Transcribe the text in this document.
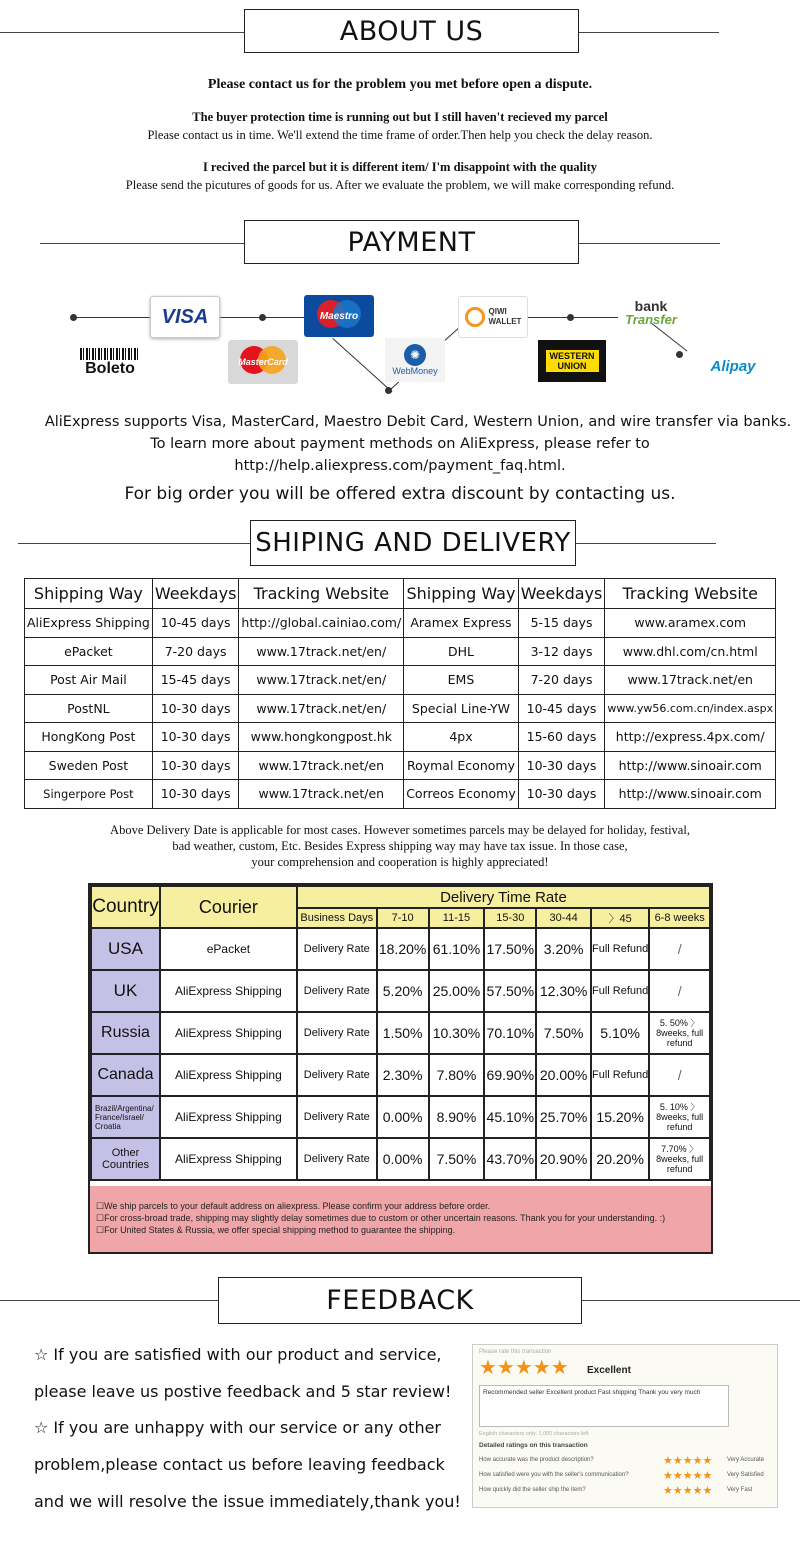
ABOUT US
Please contact us for the problem you met before open a dispute.
The buyer protection time is running out but I still haven't recieved my parcel
Please contact us in time. We'll extend the time frame of order.Then help you check the delay reason.
I recived the parcel but it is different item/ I'm disappoint with the quality
Please send the picutures of goods for us. After we evaluate the problem, we will make corresponding refund.
PAYMENT
VISA
Boleto	MasterCard
Maestro
✺
WebMoney
QIWI
WALLET
WESTERN
UNION
bank
Transfer
Alipay
AliExpress supports Visa, MasterCard, Maestro Debit Card, Western Union, and wire transfer via banks.
To learn more about payment methods on AliExpress, please refer to
http://help.aliexpress.com/payment_faq.html.
For big order you will be offered extra discount by contacting us.
SHIPING AND DELIVERY
Shipping Way	Weekdays	Tracking Website	Shipping Way	Weekdays	Tracking Website
AliExpress Shipping	10-45 days	http://global.cainiao.com/	Aramex Express	5-15 days	www.aramex.com
ePacket	7-20 days	www.17track.net/en/	DHL	3-12 days	www.dhl.com/cn.html
Post Air Mail	15-45 days	www.17track.net/en/	EMS	7-20 days	www.17track.net/en
PostNL	10-30 days	www.17track.net/en/	Special Line-YW	10-45 days	www.yw56.com.cn/index.aspx
HongKong Post	10-30 days	www.hongkongpost.hk	4px	15-60 days	http://express.4px.com/
Sweden Post	10-30 days	www.17track.net/en	Roymal Economy	10-30 days	http://www.sinoair.com
Singerpore Post	10-30 days	www.17track.net/en	Correos Economy	10-30 days	http://www.sinoair.com
Above Delivery Date is applicable for most cases. However sometimes parcels may be delayed for holiday, festival,
bad weather, custom, Etc. Besides Express shipping way may have tax issue. In those case,
your comprehension and cooperation is highly appreciated!
Country	Courier	Delivery Time Rate						
		Business Days	7-10	11-15	15-30	30-44	〉45	6-8 weeks
USA	ePacket	Delivery Rate	18.20%	61.10%	17.50%	3.20%	Full Refund	/
UK	AliExpress Shipping	Delivery Rate	5.20%	25.00%	57.50%	12.30%	Full Refund	/
Russia	AliExpress Shipping	Delivery Rate	1.50%	10.30%	70.10%	7.50%	5.10%	5. 50% 〉8weeks, full refund
Canada	AliExpress Shipping	Delivery Rate	2.30%	7.80%	69.90%	20.00%	Full Refund	/
Brazil/Argentina/ France/Israel/ Croatia	AliExpress Shipping	Delivery Rate	0.00%	8.90%	45.10%	25.70%	15.20%	5. 10% 〉8weeks, full refund
Other Countries	AliExpress Shipping	Delivery Rate	0.00%	7.50%	43.70%	20.90%	20.20%	7.70% 〉8weeks, full refund
☐We ship parcels to your default address on aliexpress. Please confirm your address before order.
☐For cross-broad trade, shipping may slightly delay sometimes due to custom or other uncertain reasons. Thank you for your understanding. :)
☐For United States & Russia, we offer special shipping method to guarantee the shipping.
FEEDBACK
☆ If you are satisfied with our product and service,
please leave us postive feedback and 5 star review!
☆ If you are unhappy with our service or any other
problem,please contact us before leaving feedback
and we will resolve the issue immediately,thank you!
Please rate this transaction
★★★★★ Excellent
Recommended seller Excellent product Fast shipping Thank you very much
English characters only. 1,000 characters left.
Detailed ratings on this transaction
How accurate was the product description?	★★★★★ Very Accurate
How satisfied were you with the seller's communication?	★★★★★ Very Satisfied
How quickly did the seller ship the item?	★★★★★ Very Fast
